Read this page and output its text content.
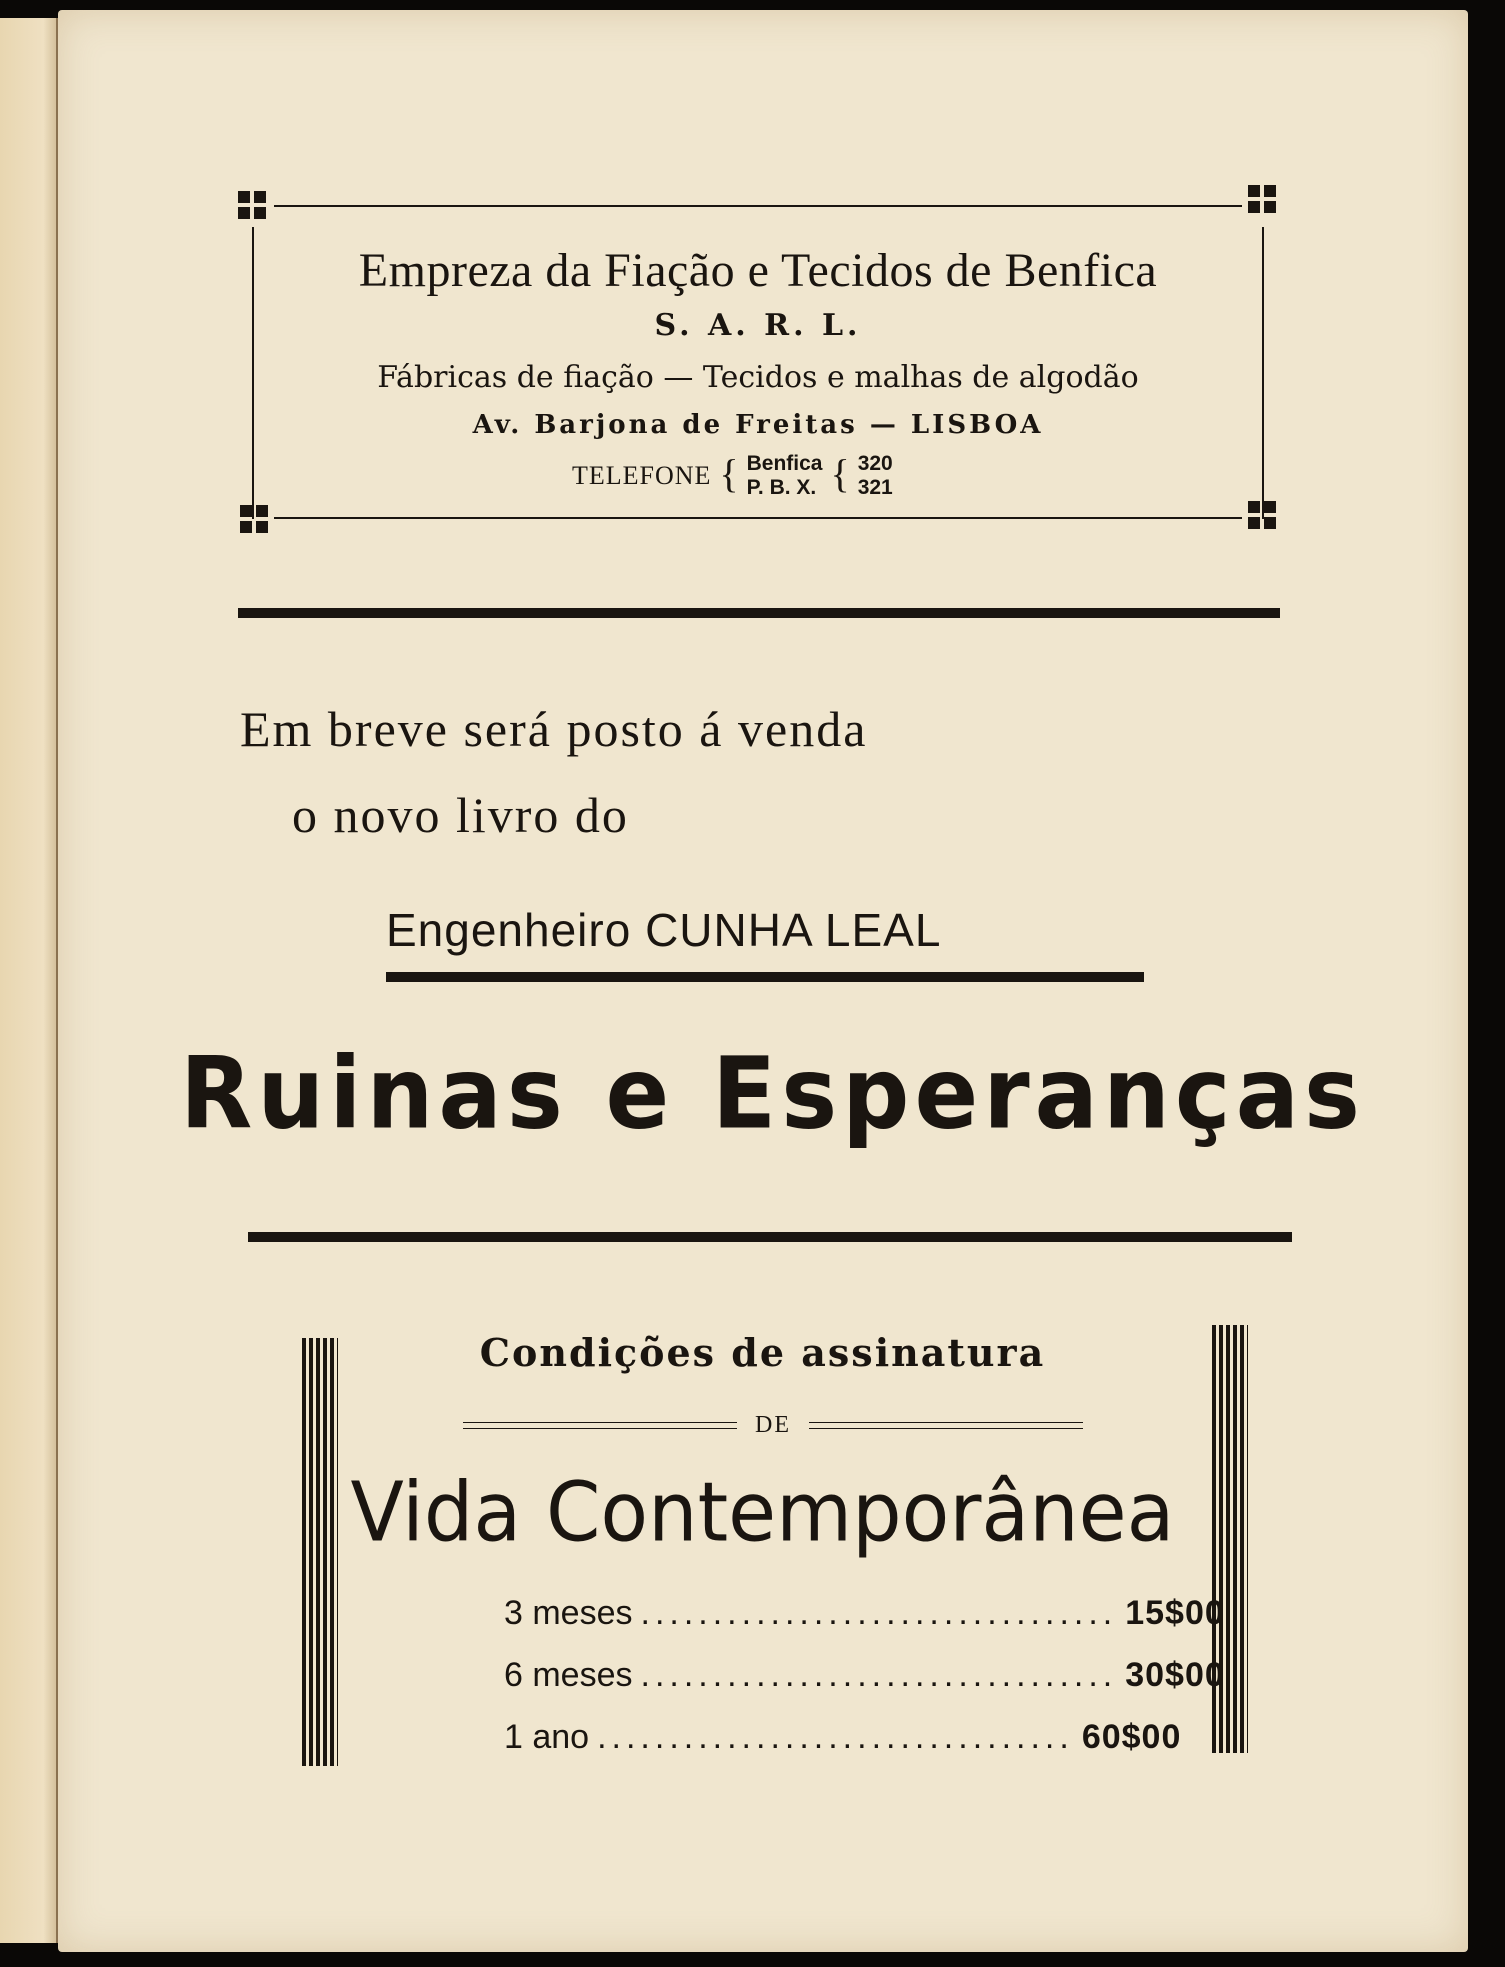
Empreza da Fiação e Tecidos de Benfica
S. A. R. L.
Fábricas de fiação — Tecidos e malhas de algodão
Av. Barjona de Freitas — LISBOA
TELEFONE { Benfica
P. B. X. { 320
321
Em breve será posto á venda
o novo livro do
Engenheiro CUNHA LEAL
Ruinas e Esperanças
Condições de assinatura
DE
Vida Contemporânea
3 meses ................................. 15$00
6 meses ................................. 30$00
1 ano ................................. 60$00
